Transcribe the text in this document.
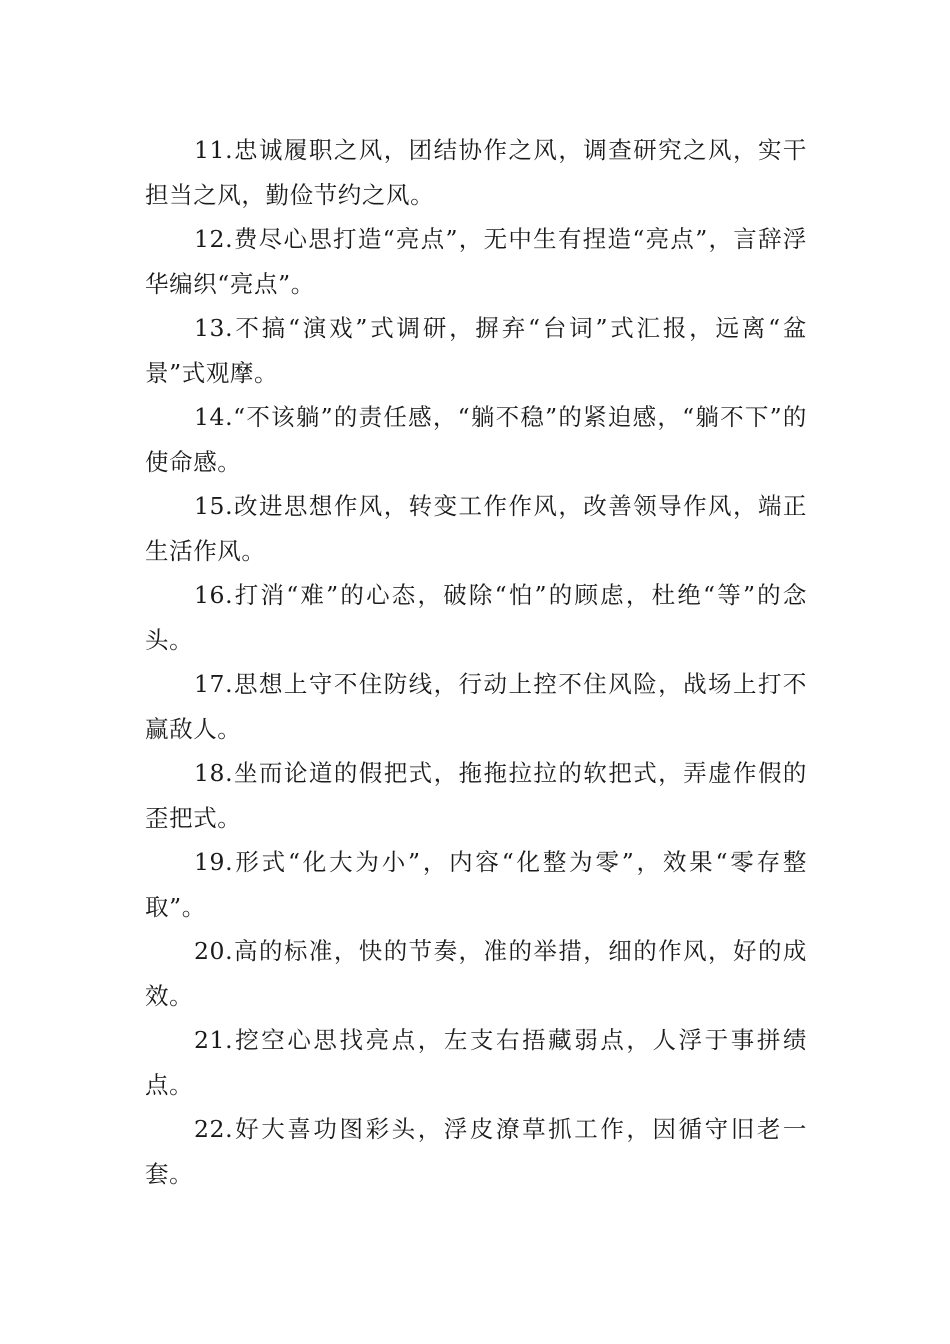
11.忠诚履职之风，团结协作之风，调查研究之风，实干担当之风，勤俭节约之风。

12.费尽心思打造“亮点”，无中生有捏造“亮点”，言辞浮华编织“亮点”。

13.不搞“演戏”式调研，摒弃“台词”式汇报，远离“盆景”式观摩。

14.“不该躺”的责任感，“躺不稳”的紧迫感，“躺不下”的使命感。

15.改进思想作风，转变工作作风，改善领导作风，端正生活作风。

16.打消“难”的心态，破除“怕”的顾虑，杜绝“等”的念头。

17.思想上守不住防线，行动上控不住风险，战场上打不赢敌人。

18.坐而论道的假把式，拖拖拉拉的软把式，弄虚作假的歪把式。

19.形式“化大为小”，内容“化整为零”，效果“零存整取”。

20.高的标准，快的节奏，准的举措，细的作风，好的成效。

21.挖空心思找亮点，左支右捂藏弱点，人浮于事拼绩点。

22.好大喜功图彩头，浮皮潦草抓工作，因循守旧老一套。
